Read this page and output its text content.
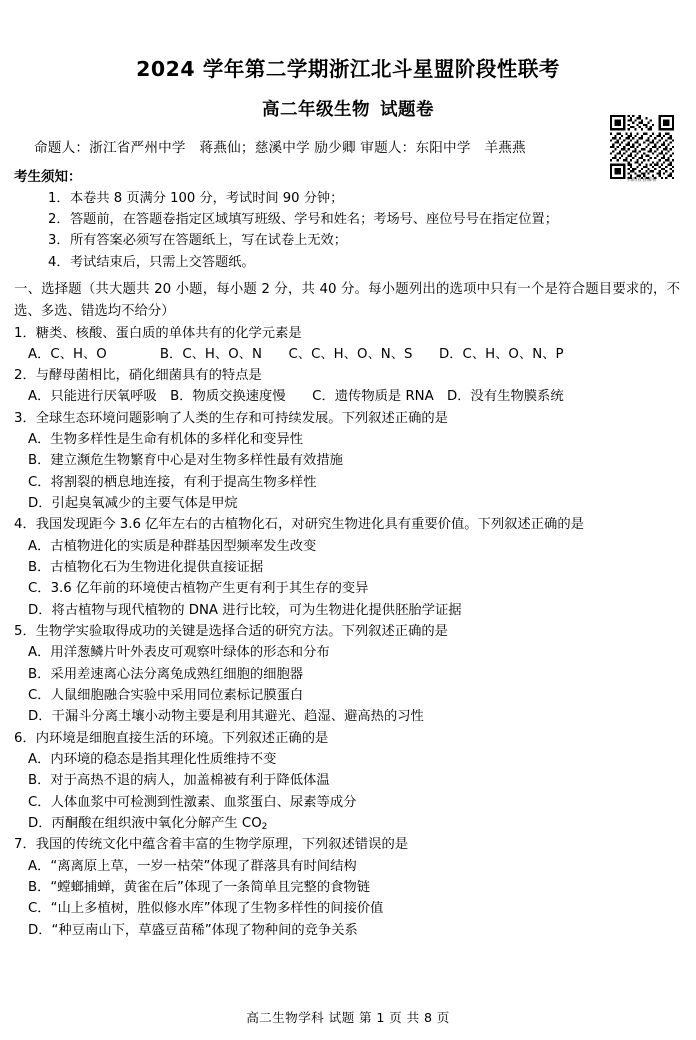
扫码查看解析
2024 学年第二学期浙江北斗星盟阶段性联考
高二年级生物 试题卷
命题人：浙江省严州中学　蒋燕仙；慈溪中学 励少卿 审题人：东阳中学　羊燕燕
考生须知：
1．本卷共 8 页满分 100 分，考试时间 90 分钟；
2．答题前，在答题卷指定区域填写班级、学号和姓名；考场号、座位号号在指定位置；
3．所有答案必须写在答题纸上，写在试卷上无效；
4．考试结束后，只需上交答题纸。
一、选择题（共大题共 20 小题，每小题 2 分，共 40 分。每小题列出的选项中只有一个是符合题目要求的，不选、多选、错选均不给分）
1．糖类、核酸、蛋白质的单体共有的化学元素是
A．C、H、O　　　　B．C、H、O、N　　C、C、H、O、N、S　　D．C、H、O、N、P
2．与酵母菌相比，硝化细菌具有的特点是
A．只能进行厌氧呼吸　B．物质交换速度慢　　C．遗传物质是 RNA　D．没有生物膜系统
3．全球生态环境问题影响了人类的生存和可持续发展。下列叙述正确的是
A．生物多样性是生命有机体的多样化和变异性
B．建立濒危生物繁育中心是对生物多样性最有效措施
C．将割裂的栖息地连接，有利于提高生物多样性
D．引起臭氧减少的主要气体是甲烷
4．我国发现距今 3.6 亿年左右的古植物化石，对研究生物进化具有重要价值。下列叙述正确的是
A．古植物进化的实质是种群基因型频率发生改变
B．古植物化石为生物进化提供直接证据
C．3.6 亿年前的环境使古植物产生更有利于其生存的变异
D．将古植物与现代植物的 DNA 进行比较，可为生物进化提供胚胎学证据
5．生物学实验取得成功的关键是选择合适的研究方法。下列叙述正确的是
A．用洋葱鳞片叶外表皮可观察叶绿体的形态和分布
B．采用差速离心法分离兔成熟红细胞的细胞器
C．人鼠细胞融合实验中采用同位素标记膜蛋白
D．干漏斗分离土壤小动物主要是利用其避光、趋湿、避高热的习性
6．内环境是细胞直接生活的环境。下列叙述正确的是
A．内环境的稳态是指其理化性质维持不变
B．对于高热不退的病人，加盖棉被有利于降低体温
C．人体血浆中可检测到性激素、血浆蛋白、尿素等成分
D．丙酮酸在组织液中氧化分解产生 $CO_2$
7．我国的传统文化中蕴含着丰富的生物学原理，下列叙述错误的是
A．“离离原上草，一岁一枯荣”体现了群落具有时间结构
B．“螳螂捕蝉，黄雀在后”体现了一条简单且完整的食物链
C．“山上多植树，胜似修水库”体现了生物多样性的间接价值
D．“种豆南山下，草盛豆苗稀”体现了物种间的竞争关系
高二生物学科 试题 第 1 页 共 8 页
